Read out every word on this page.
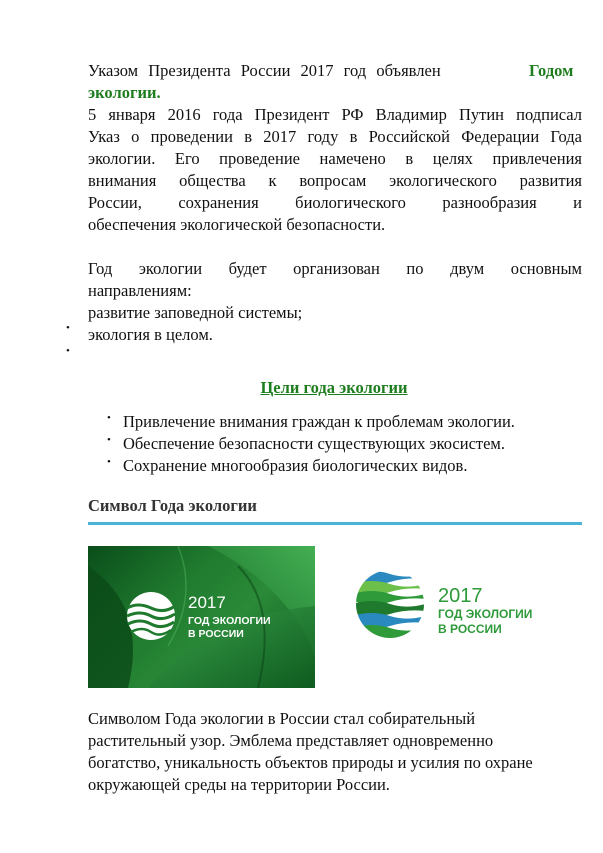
Указом Президента России 2017 год объявлен	Годом
экологии.
5 января 2016 года Президент РФ Владимир Путин подписал
Указ о проведении в 2017 году в Российской Федерации Года
экологии. Его проведение намечено в целях привлечения
внимания общества к вопросам экологического развития
России, сохранения биологического разнообразия и
обеспечения экологической безопасности.
Год экологии будет организован по двум основным
направлениям:
•
развитие заповедной системы;
•
экология в целом.
Цели года экологии
• Привлечение внимания граждан к проблемам экологии.
• Обеспечение безопасности существующих экосистем.
• Сохранение многообразия биологических видов.
Символ Года экологии
2017
ГОД ЭКОЛОГИИ
В РОССИИ
2017
ГОД ЭКОЛОГИИ
В РОССИИ
Символом Года экологии в России стал собирательный
растительный узор. Эмблема представляет одновременно
богатство, уникальность объектов природы и усилия по охране
окружающей среды на территории России.
